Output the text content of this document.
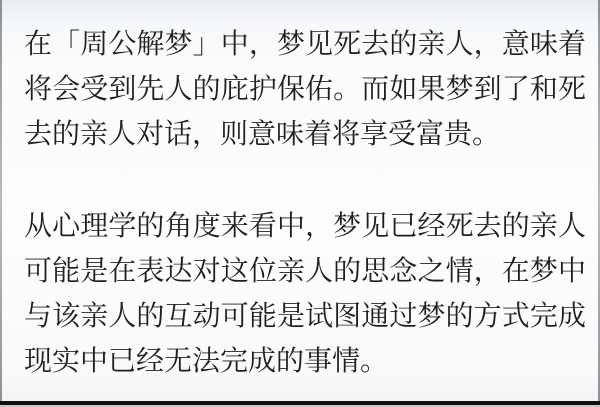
在「周公解梦」中，梦见死去的亲人，意味着将会受到先人的庇护保佑。而如果梦到了和死去的亲人对话，则意味着将享受富贵。

从心理学的角度来看中，梦见已经死去的亲人可能是在表达对这位亲人的思念之情，在梦中与该亲人的互动可能是试图通过梦的方式完成现实中已经无法完成的事情。
